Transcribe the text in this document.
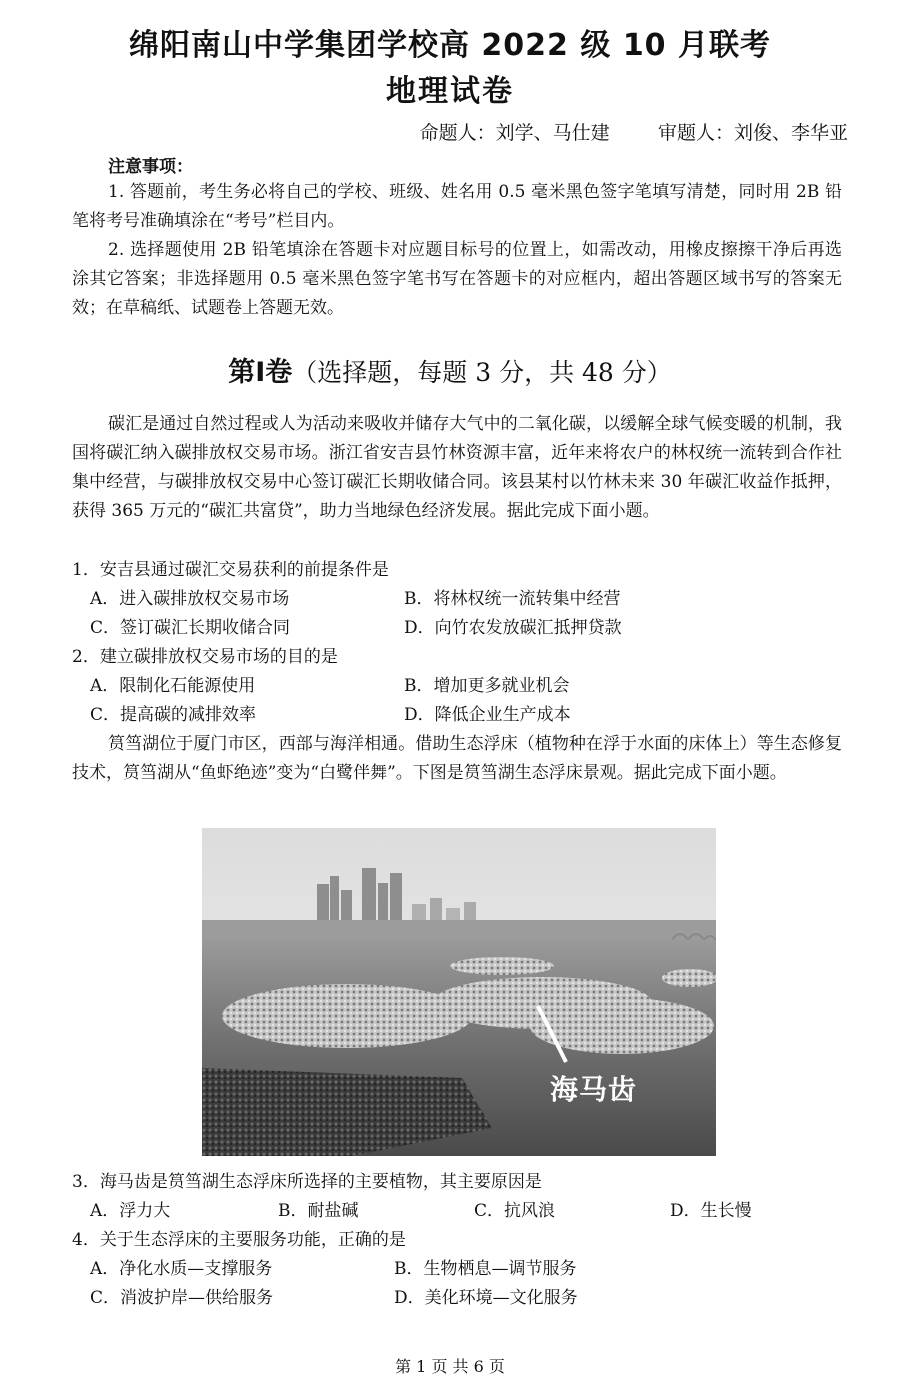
绵阳南山中学集团学校高 2022 级 10 月联考
地理试卷
命题人：刘学、马仕建        审题人：刘俊、李华亚
注意事项：

1. 答题前，考生务必将自己的学校、班级、姓名用 0.5 毫米黑色签字笔填写清楚，同时用 2B 铅笔将考号准确填涂在“考号”栏目内。

2. 选择题使用 2B 铅笔填涂在答题卡对应题目标号的位置上，如需改动，用橡皮擦擦干净后再选涂其它答案；非选择题用 0.5 毫米黑色签字笔书写在答题卡的对应框内，超出答题区域书写的答案无效；在草稿纸、试题卷上答题无效。

第Ⅰ卷（选择题，每题 3 分，共 48 分）

碳汇是通过自然过程或人为活动来吸收并储存大气中的二氧化碳，以缓解全球气候变暖的机制，我国将碳汇纳入碳排放权交易市场。浙江省安吉县竹林资源丰富，近年来将农户的林权统一流转到合作社集中经营，与碳排放权交易中心签订碳汇长期收储合同。该县某村以竹林未来 30 年碳汇收益作抵押，获得 365 万元的“碳汇共富贷”，助力当地绿色经济发展。据此完成下面小题。

1．安吉县通过碳汇交易获利的前提条件是
A．进入碳排放权交易市场	B．将林权统一流转集中经营
C．签订碳汇长期收储合同	D．向竹农发放碳汇抵押贷款
2．建立碳排放权交易市场的目的是
A．限制化石能源使用	B．增加更多就业机会
C．提高碳的减排效率	D．降低企业生产成本

筼筜湖位于厦门市区，西部与海洋相通。借助生态浮床（植物种在浮于水面的床体上）等生态修复技术，筼筜湖从“鱼虾绝迹”变为“白鹭伴舞”。下图是筼筜湖生态浮床景观。据此完成下面小题。

海马齿
3．海马齿是筼筜湖生态浮床所选择的主要植物，其主要原因是
A．浮力大	B．耐盐碱	C．抗风浪	D．生长慢
4．关于生态浮床的主要服务功能，正确的是
A．净化水质—支撑服务	B．生物栖息—调节服务
C．消波护岸—供给服务	D．美化环境—文化服务
第 1 页 共 6 页
